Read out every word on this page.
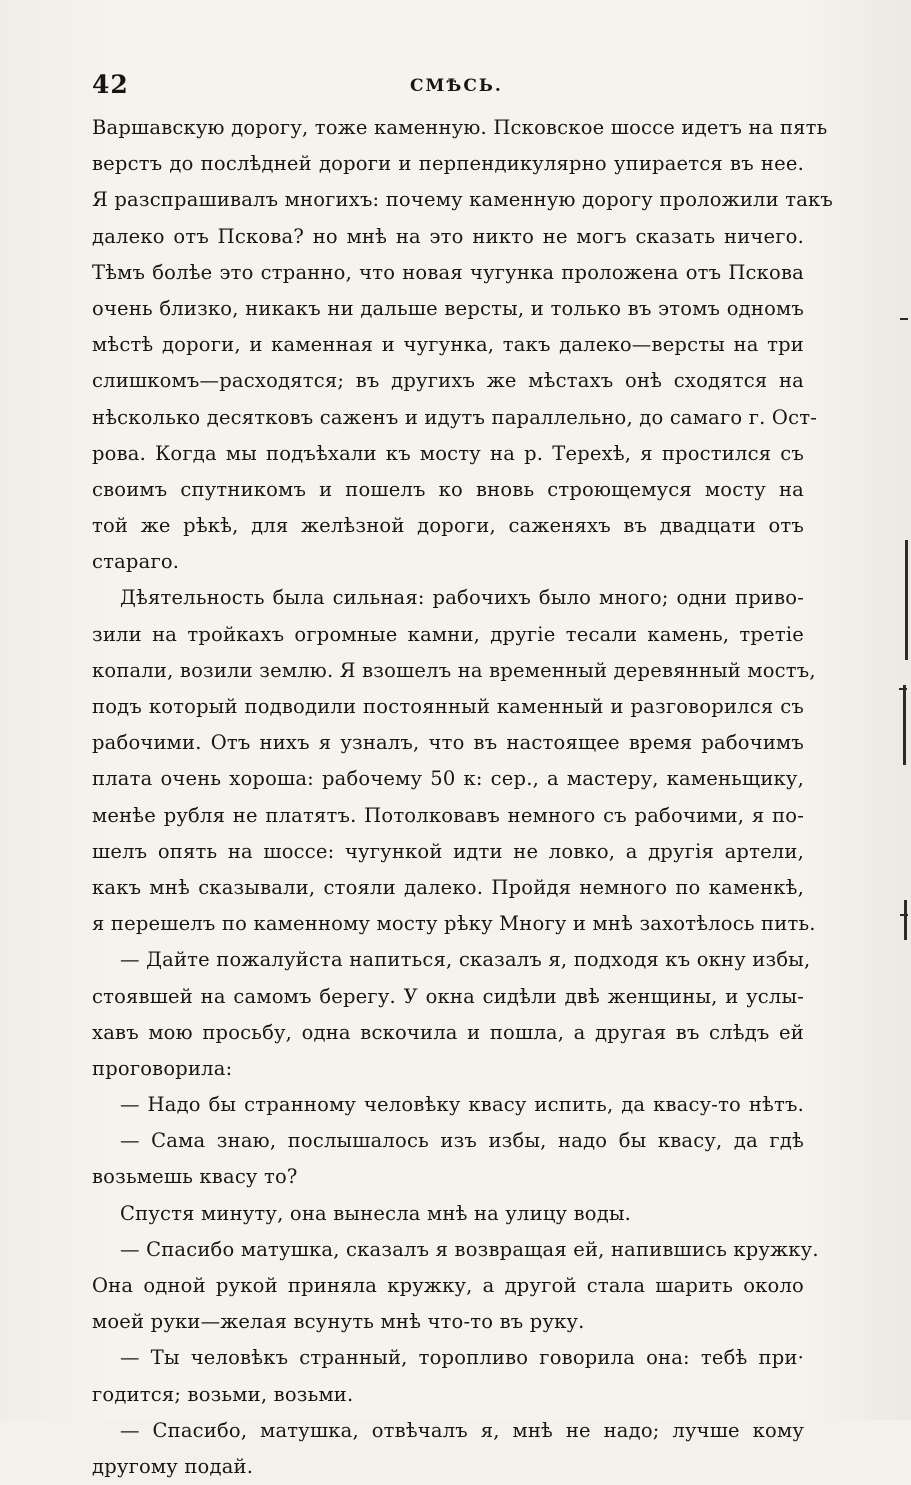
42	СМѢСЬ.
Варшавскую дорогу, тоже каменную. Псковское шоссе идетъ на пять
верстъ до послѣдней дороги и перпендикулярно упирается въ нее.
Я разспрашивалъ многихъ: почему каменную дорогу проложили такъ
далеко отъ Пскова? но мнѣ на это никто не могъ сказать ничего.
Тѣмъ болѣе это странно, что новая чугунка проложена отъ Пскова
очень близко, никакъ ни дальше версты, и только въ этомъ одномъ
мѣстѣ дороги, и каменная и чугунка, такъ далеко—версты на три
слишкомъ—расходятся; въ другихъ же мѣстахъ онѣ сходятся на
нѣсколько десятковъ саженъ и идутъ параллельно, до самаго г. Ост-
рова. Когда мы подъѣхали къ мосту на р. Терехѣ, я простился съ
своимъ спутникомъ и пошелъ ко вновь строющемуся мосту на
той же рѣкѣ, для желѣзной дороги, саженяхъ въ двадцати отъ
стараго.
Дѣятельность была сильная: рабочихъ было много; одни приво-
зили на тройкахъ огромные камни, другіе тесали камень, третіе
копали, возили землю. Я взошелъ на временный деревянный мостъ,
подъ который подводили постоянный каменный и разговорился съ
рабочими. Отъ нихъ я узналъ, что въ настоящее время рабочимъ
плата очень хороша: рабочему 50 к: сер., а мастеру, каменьщику,
менѣе рубля не платятъ. Потолковавъ немного съ рабочими, я по-
шелъ опять на шоссе: чугункой идти не ловко, а другія артели,
какъ мнѣ сказывали, стояли далеко. Пройдя немного по каменкѣ,
я перешелъ по каменному мосту рѣку Многу и мнѣ захотѣлось пить.
— Дайте пожалуйста напиться, сказалъ я, подходя къ окну избы,
стоявшей на самомъ берегу. У окна сидѣли двѣ женщины, и услы-
хавъ мою просьбу, одна вскочила и пошла, а другая въ слѣдъ ей
проговорила:
— Надо бы странному человѣку квасу испить, да квасу-то нѣтъ.
— Сама знаю, послышалось изъ избы, надо бы квасу, да гдѣ
возьмешь квасу то?
Спустя минуту, она вынесла мнѣ на улицу воды.
— Спасибо матушка, сказалъ я возвращая ей, напившись кружку.
Она одной рукой приняла кружку, а другой стала шарить около
моей руки—желая всунуть мнѣ что-то въ руку.
— Ты человѣкъ странный, торопливо говорила она: тебѣ при·
годится; возьми, возьми.
— Спасибо, матушка, отвѣчалъ я, мнѣ не надо; лучше кому
другому подай.
